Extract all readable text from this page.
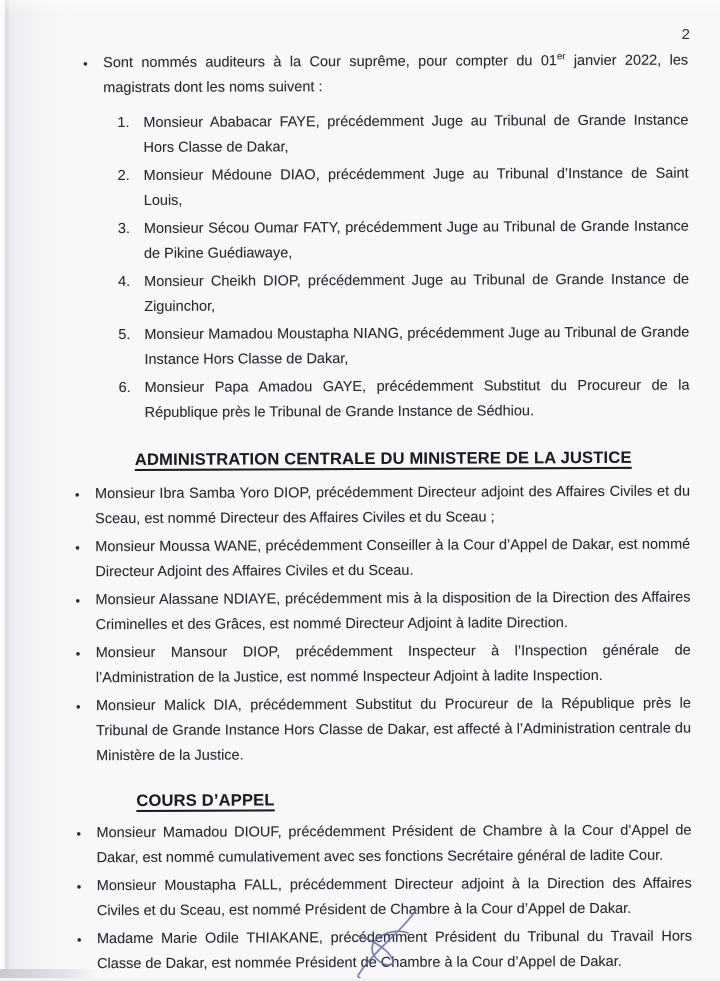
2
•	Sont nommés auditeurs à la Cour suprême, pour compter du 01er janvier 2022, les magistrats dont les noms suivent :
1. Monsieur Ababacar FAYE, précédemment Juge au Tribunal de Grande Instance Hors Classe de Dakar,
2. Monsieur Médoune DIAO, précédemment Juge au Tribunal d’Instance de Saint Louis,
3. Monsieur Sécou Oumar FATY, précédemment Juge au Tribunal de Grande Instance de Pikine Guédiawaye,
4. Monsieur Cheikh DIOP, précédemment Juge au Tribunal de Grande Instance de Ziguinchor,
5. Monsieur Mamadou Moustapha NIANG, précédemment Juge au Tribunal de Grande Instance Hors Classe de Dakar,
6. Monsieur Papa Amadou GAYE, précédemment Substitut du Procureur de la République près le Tribunal de Grande Instance de Sédhiou.
ADMINISTRATION CENTRALE DU MINISTERE DE LA JUSTICE
•	Monsieur Ibra Samba Yoro DIOP, précédemment Directeur adjoint des Affaires Civiles et du Sceau, est nommé Directeur des Affaires Civiles et du Sceau ;
•	Monsieur Moussa WANE, précédemment Conseiller à la Cour d’Appel de Dakar, est nommé Directeur Adjoint des Affaires Civiles et du Sceau.
•	Monsieur Alassane NDIAYE, précédemment mis à la disposition de la Direction des Affaires Criminelles et des Grâces, est nommé Directeur Adjoint à ladite Direction.
•	Monsieur Mansour DIOP, précédemment Inspecteur à l’Inspection générale de l’Administration de la Justice, est nommé Inspecteur Adjoint à ladite Inspection.
•	Monsieur Malick DIA, précédemment Substitut du Procureur de la République près le Tribunal de Grande Instance Hors Classe de Dakar, est affecté à l’Administration centrale du Ministère de la Justice.
COURS D’APPEL
•	Monsieur Mamadou DIOUF, précédemment Président de Chambre à la Cour d’Appel de Dakar, est nommé cumulativement avec ses fonctions Secrétaire général de ladite Cour.
•	Monsieur Moustapha FALL, précédemment Directeur adjoint à la Direction des Affaires Civiles et du Sceau, est nommé Président de Chambre à la Cour d’Appel de Dakar.
•	Madame Marie Odile THIAKANE, précédemment Président du Tribunal du Travail Hors Classe de Dakar, est nommée Président de Chambre à la Cour d’Appel de Dakar.
